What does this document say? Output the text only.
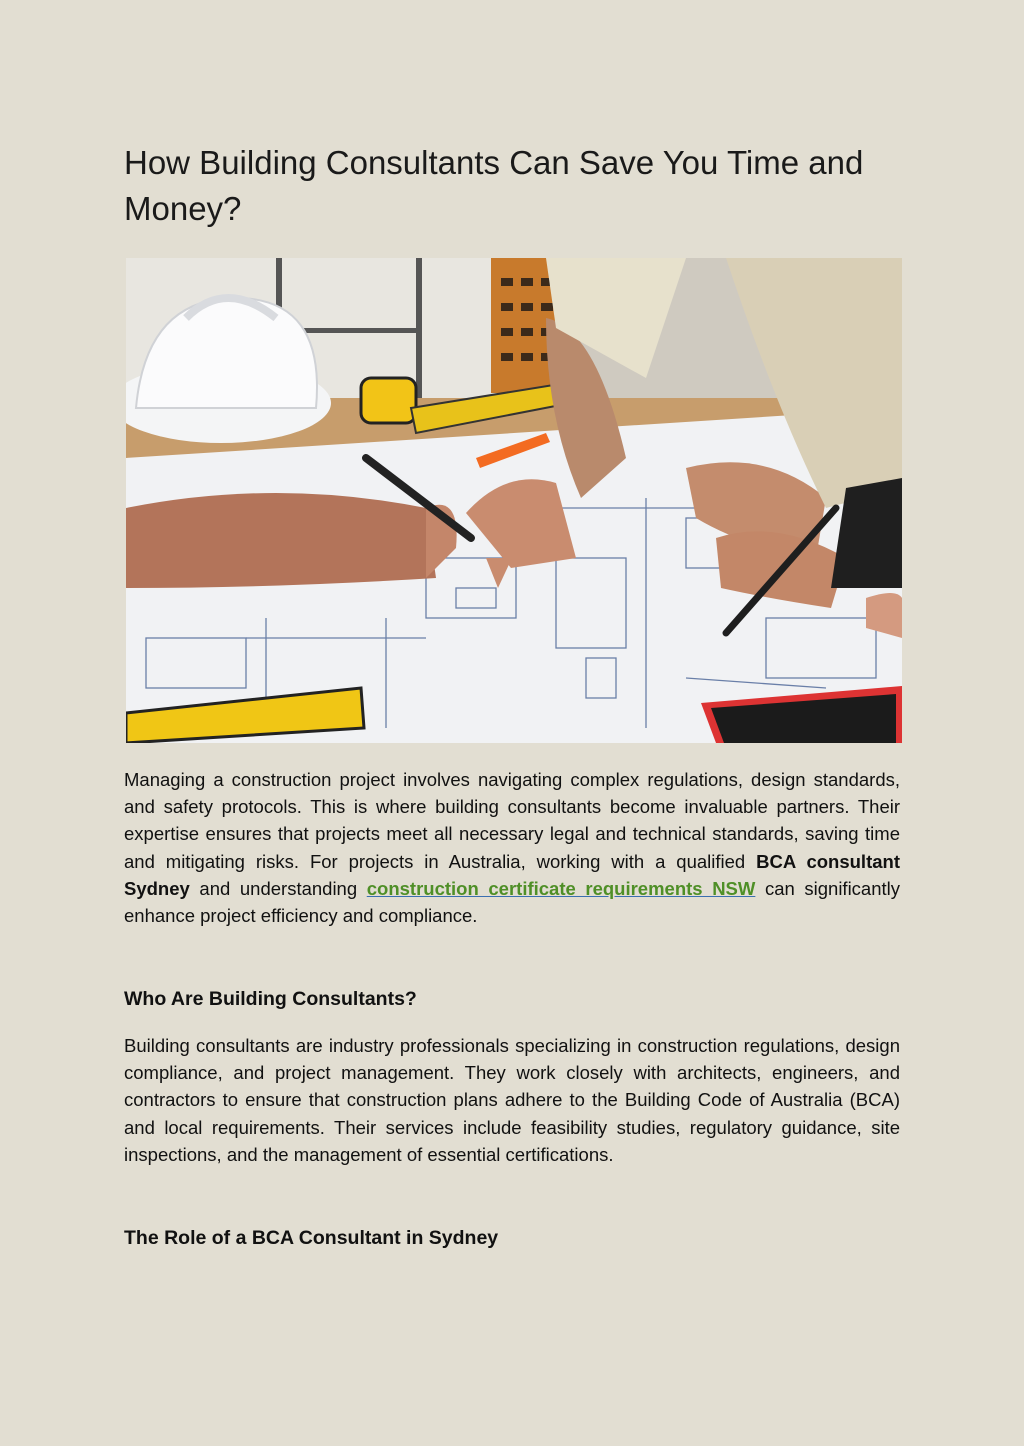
How Building Consultants Can Save You Time and Money?

Managing a construction project involves navigating complex regulations, design standards, and safety protocols. This is where building consultants become invaluable partners. Their expertise ensures that projects meet all necessary legal and technical standards, saving time and mitigating risks. For projects in Australia, working with a qualified BCA consultant Sydney and understanding construction certificate requirements NSW can significantly enhance project efficiency and compliance.

Who Are Building Consultants?

Building consultants are industry professionals specializing in construction regulations, design compliance, and project management. They work closely with architects, engineers, and contractors to ensure that construction plans adhere to the Building Code of Australia (BCA) and local requirements. Their services include feasibility studies, regulatory guidance, site inspections, and the management of essential certifications.

The Role of a BCA Consultant in Sydney
